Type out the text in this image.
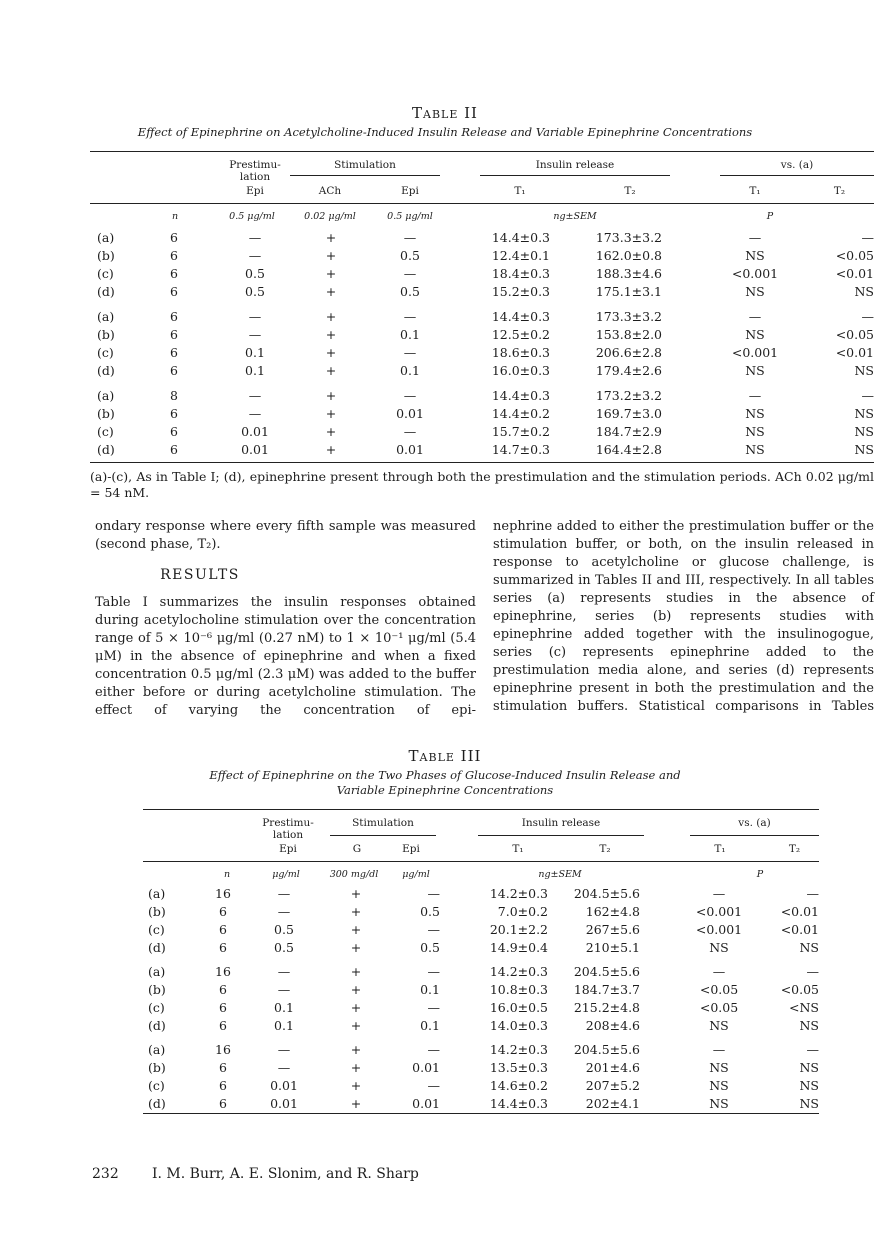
Table II
Effect of Epinephrine on Acetylcholine-Induced Insulin Release and Variable Epinephrine Concentrations
Prestimu-lation
Stimulation	Insulin release	vs. (a)
Epi	ACh	Epi	T₁	T₂	T₁	T₂
n	0.5 μg/ml	0.02 μg/ml	0.5 μg/ml	ng±SEM	P
(a)	6	—	+	—	14.4±0.3	173.3±3.2	—	—
(b)	6	—	+	0.5	12.4±0.1	162.0±0.8	NS	<0.05
(c)	6	0.5	+	—	18.4±0.3	188.3±4.6	<0.001	<0.01
(d)	6	0.5	+	0.5	15.2±0.3	175.1±3.1	NS	NS
(a)	6	—	+	—	14.4±0.3	173.3±3.2	—	—
(b)	6	—	+	0.1	12.5±0.2	153.8±2.0	NS	<0.05
(c)	6	0.1	+	—	18.6±0.3	206.6±2.8	<0.001	<0.01
(d)	6	0.1	+	0.1	16.0±0.3	179.4±2.6	NS	NS
(a)	8	—	+	—	14.4±0.3	173.2±3.2	—	—
(b)	6	—	+	0.01	14.4±0.2	169.7±3.0	NS	NS
(c)	6	0.01	+	—	15.7±0.2	184.7±2.9	NS	NS
(d)	6	0.01	+	0.01	14.7±0.3	164.4±2.8	NS	NS
(a)-(c), As in Table I; (d), epinephrine present through both the prestimulation and the stimulation periods. ACh 0.02 μg/ml = 54 nM.
ondary response where every fifth sample was measured (second phase, T₂).
RESULTS
Table I summarizes the insulin responses obtained during acetylocholine stimulation over the concentration range of 5 × 10⁻⁶ μg/ml (0.27 nM) to 1 × 10⁻¹ μg/ml (5.4 μM) in the absence of epinephrine and when a fixed concentration 0.5 μg/ml (2.3 μM) was added to the buffer either before or during acetylcholine stimulation. The effect of varying the concentration of epi-
nephrine added to either the prestimulation buffer or the stimulation buffer, or both, on the insulin released in response to acetylcholine or glucose challenge, is summarized in Tables II and III, respectively. In all tables series (a) represents studies in the absence of epinephrine, series (b) represents studies with epinephrine added together with the insulinogogue, series (c) represents epinephrine added to the prestimulation media alone, and series (d) represents epinephrine present in both the prestimulation and the stimulation buffers. Statistical comparisons in Tables
Table III
Effect of Epinephrine on the Two Phases of Glucose-Induced Insulin Release and
Variable Epinephrine Concentrations
Prestimu-lation
Stimulation	Insulin release	vs. (a)
Epi	G	Epi	T₁	T₂	T₁	T₂
n	μg/ml	300 mg/dl	μg/ml	ng±SEM	P
(a)	16	—	+	—	14.2±0.3	204.5±5.6	—	—
(b)	6	—	+	0.5	7.0±0.2	162±4.8	<0.001	<0.01
(c)	6	0.5	+	—	20.1±2.2	267±5.6	<0.001	<0.01
(d)	6	0.5	+	0.5	14.9±0.4	210±5.1	NS	NS
(a)	16	—	+	—	14.2±0.3	204.5±5.6	—	—
(b)	6	—	+	0.1	10.8±0.3	184.7±3.7	<0.05	<0.05
(c)	6	0.1	+	—	16.0±0.5	215.2±4.8	<0.05	<NS
(d)	6	0.1	+	0.1	14.0±0.3	208±4.6	NS	NS
(a)	16	—	+	—	14.2±0.3	204.5±5.6	—	—
(b)	6	—	+	0.01	13.5±0.3	201±4.6	NS	NS
(c)	6	0.01	+	—	14.6±0.2	207±5.2	NS	NS
(d)	6	0.01	+	0.01	14.4±0.3	202±4.1	NS	NS
232 I. M. Burr, A. E. Slonim, and R. Sharp
